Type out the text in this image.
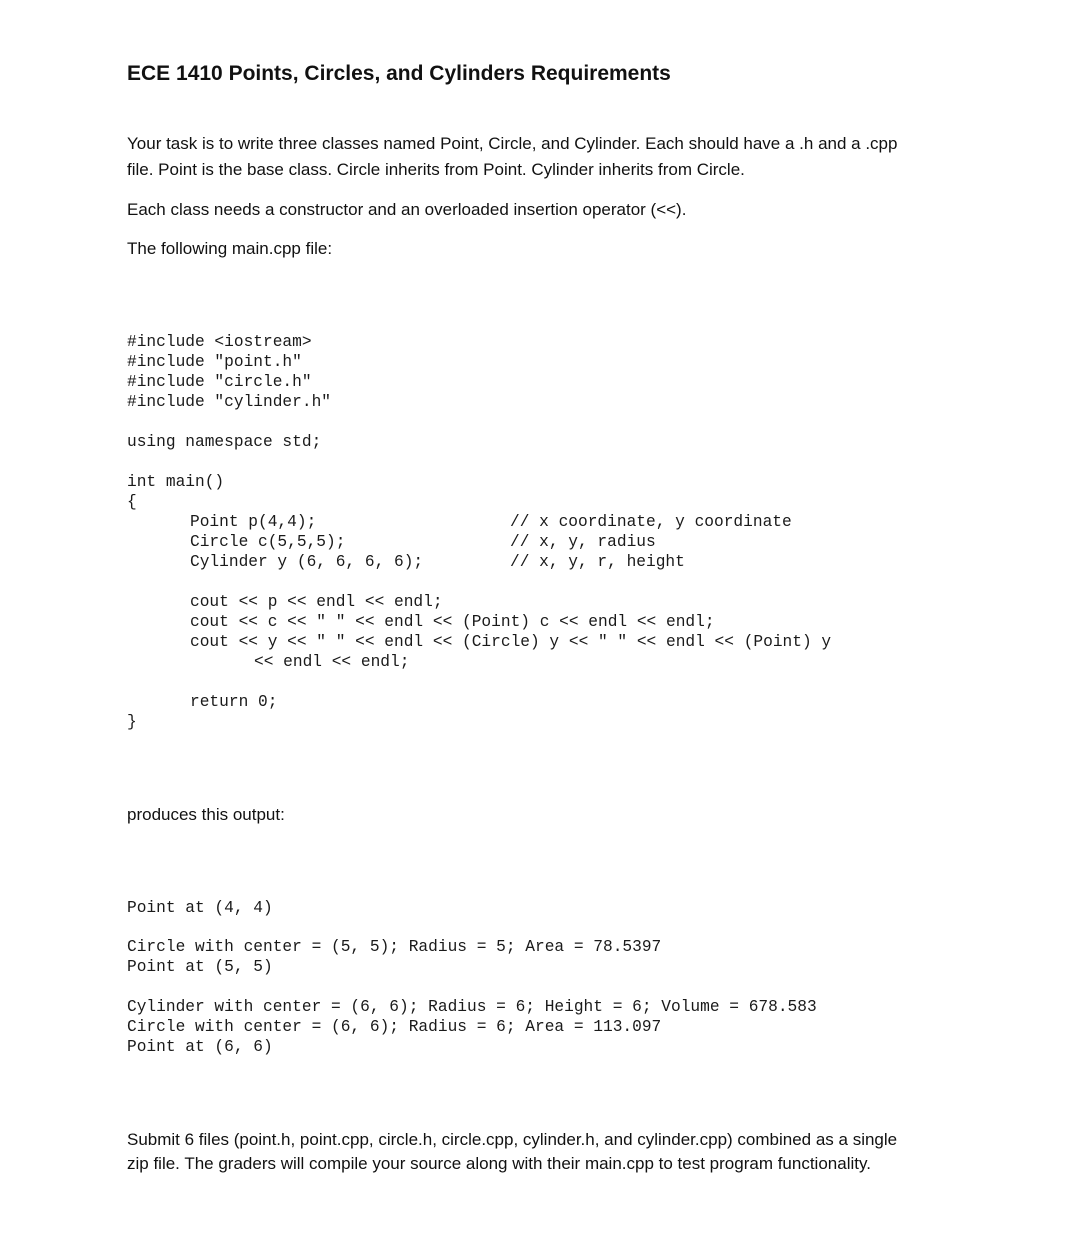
ECE 1410 Points, Circles, and Cylinders Requirements
Your task is to write three classes named Point, Circle, and Cylinder. Each should have a .h and a .cpp
file. Point is the base class. Circle inherits from Point. Cylinder inherits from Circle.
Each class needs a constructor and an overloaded insertion operator (<<).
The following main.cpp file:

#include <iostream>

#include "point.h"

#include "circle.h"

#include "cylinder.h"

using namespace std;

int main()

{

Point p(4,4);

	// x coordinate, y coordinate

Circle c(5,5,5);

	// x, y, radius

Cylinder y (6, 6, 6, 6);

	// x, y, r, height

cout << p << endl << endl;

cout << c << " " << endl << (Point) c << endl << endl;

cout << y << " " << endl << (Circle) y << " " << endl << (Point) y

<< endl << endl;

return 0;

}

produces this output:

Point at (4, 4)

Circle with center = (5, 5); Radius = 5; Area = 78.5397

Point at (5, 5)

Cylinder with center = (6, 6); Radius = 6; Height = 6; Volume = 678.583

Circle with center = (6, 6); Radius = 6; Area = 113.097

Point at (6, 6)

Submit 6 files (point.h, point.cpp, circle.h, circle.cpp, cylinder.h, and cylinder.cpp) combined as a single
zip file. The graders will compile your source along with their main.cpp to test program functionality.
